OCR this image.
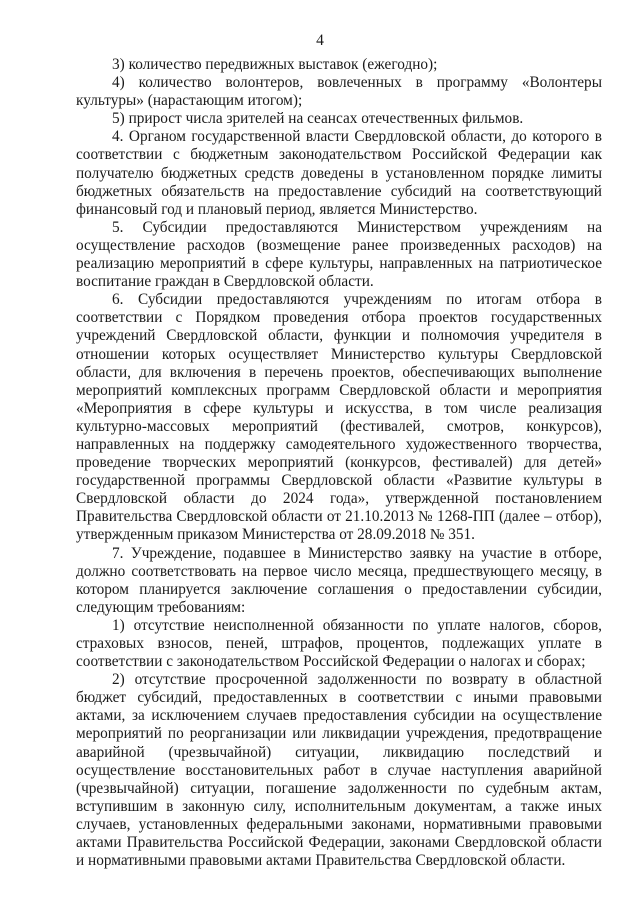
4

3) количество передвижных выставок (ежегодно);

4) количество волонтеров, вовлеченных в программу «Волонтеры культуры» (нарастающим итогом);

5) прирост числа зрителей на сеансах отечественных фильмов.

4. Органом государственной власти Свердловской области, до которого в соответствии с бюджетным законодательством Российской Федерации как получателю бюджетных средств доведены в установленном порядке лимиты бюджетных обязательств на предоставление субсидий на соответствующий финансовый год и плановый период, является Министерство.

5. Субсидии предоставляются Министерством учреждениям на осуществление расходов (возмещение ранее произведенных расходов) на реализацию мероприятий в сфере культуры, направленных на патриотическое воспитание граждан в Свердловской области.

6. Субсидии предоставляются учреждениям по итогам отбора в соответствии с Порядком проведения отбора проектов государственных учреждений Свердловской области, функции и полномочия учредителя в отношении которых осуществляет Министерство культуры Свердловской области, для включения в перечень проектов, обеспечивающих выполнение мероприятий комплексных программ Свердловской области и мероприятия «Мероприятия в сфере культуры и искусства, в том числе реализация культурно-массовых мероприятий (фестивалей, смотров, конкурсов), направленных на поддержку самодеятельного художественного творчества, проведение творческих мероприятий (конкурсов, фестивалей) для детей» государственной программы Свердловской области «Развитие культуры в Свердловской области до 2024 года», утвержденной постановлением Правительства Свердловской области от 21.10.2013 № 1268-ПП (далее – отбор), утвержденным приказом Министерства от 28.09.2018 № 351.

7. Учреждение, подавшее в Министерство заявку на участие в отборе, должно соответствовать на первое число месяца, предшествующего месяцу, в котором планируется заключение соглашения о предоставлении субсидии, следующим требованиям:

1) отсутствие неисполненной обязанности по уплате налогов, сборов, страховых взносов, пеней, штрафов, процентов, подлежащих уплате в соответствии с законодательством Российской Федерации о налогах и сборах;

2) отсутствие просроченной задолженности по возврату в областной бюджет субсидий, предоставленных в соответствии с иными правовыми актами, за исключением случаев предоставления субсидии на осуществление мероприятий по реорганизации или ликвидации учреждения, предотвращение аварийной (чрезвычайной) ситуации, ликвидацию последствий и осуществление восстановительных работ в случае наступления аварийной (чрезвычайной) ситуации, погашение задолженности по судебным актам, вступившим в законную силу, исполнительным документам, а также иных случаев, установленных федеральными законами, нормативными правовыми актами Правительства Российской Федерации, законами Свердловской области и нормативными правовыми актами Правительства Свердловской области.
